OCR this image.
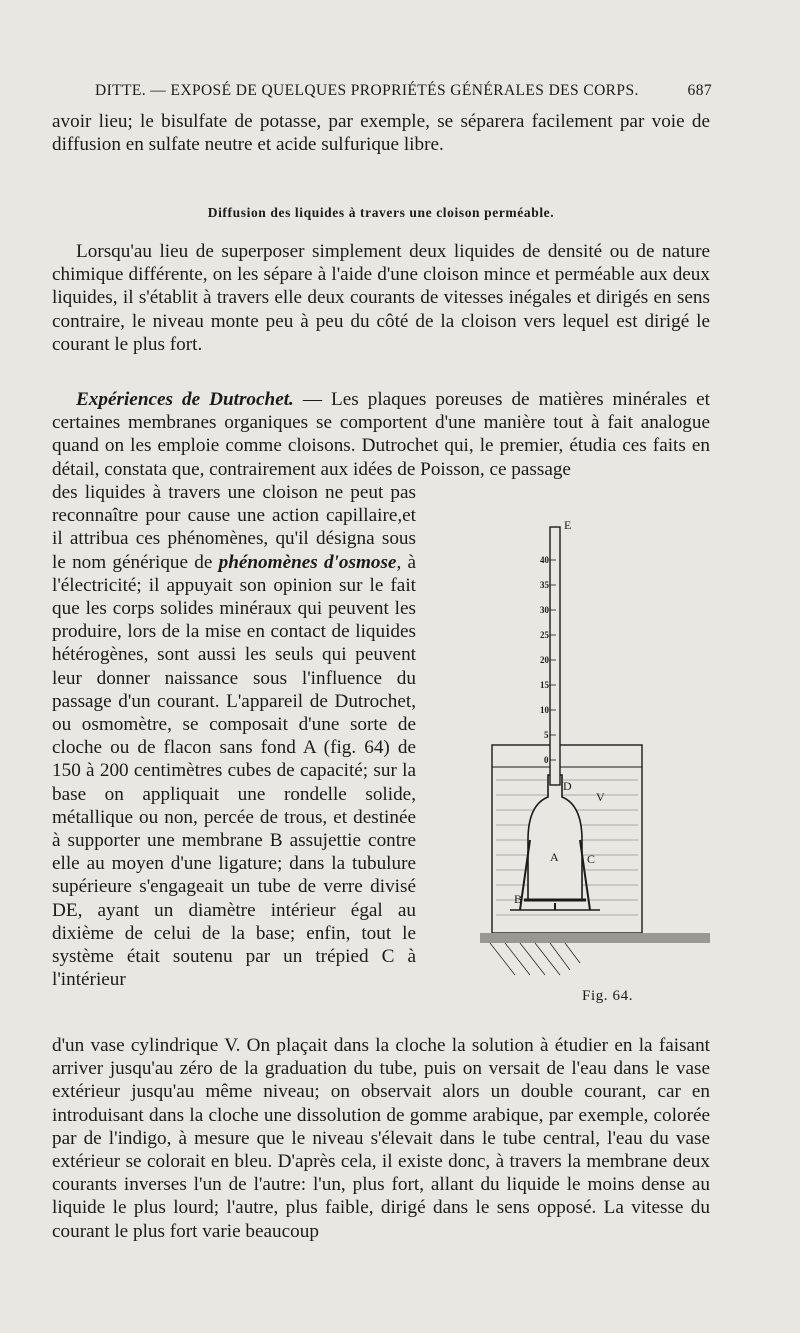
DITTE. — EXPOSÉ DE QUELQUES PROPRIÉTÉS GÉNÉRALES DES CORPS.	687

avoir lieu; le bisulfate de potasse, par exemple, se séparera facilement par voie de diffusion en sulfate neutre et acide sulfurique libre.

Diffusion des liquides à travers une cloison perméable.

Lorsqu'au lieu de superposer simplement deux liquides de densité ou de nature chimique différente, on les sépare à l'aide d'une cloison mince et perméable aux deux liquides, il s'établit à travers elle deux courants de vitesses inégales et dirigés en sens contraire, le niveau monte peu à peu du côté de la cloison vers lequel est dirigé le courant le plus fort.

Expériences de Dutrochet. — Les plaques poreuses de matières minérales et certaines membranes organiques se comportent d'une manière tout à fait analogue quand on les emploie comme cloisons. Dutrochet qui, le premier, étudia ces faits en détail, constata que, contrairement aux idées de Poisson, ce passage

des liquides à travers une cloison ne peut pas reconnaître pour cause une action capillaire,et il attribua ces phénomènes, qu'il désigna sous le nom générique de phénomènes d'osmose, à l'électricité; il appuyait son opinion sur le fait que les corps solides minéraux qui peuvent les produire, lors de la mise en contact de liquides hétérogènes, sont aussi les seuls qui peuvent leur donner naissance sous l'influence du passage d'un courant. L'appareil de Dutrochet, ou osmomètre, se composait d'une sorte de cloche ou de flacon sans fond A (fig. 64) de 150 à 200 centimètres cubes de capacité; sur la base on appliquait une rondelle solide, métallique ou non, percée de trous, et destinée à supporter une membrane B assujettie contre elle au moyen d'une ligature; dans la tubulure supérieure s'engageait un tube de verre divisé DE, ayant un diamètre intérieur égal au dixième de celui de la base; enfin, tout le système était soutenu par un trépied C à l'intérieur

d'un vase cylindrique V. On plaçait dans la cloche la solution à étudier en la faisant arriver jusqu'au zéro de la graduation du tube, puis on versait de l'eau dans le vase extérieur jusqu'au même niveau; on observait alors un double courant, car en introduisant dans la cloche une dissolution de gomme arabique, par exemple, colorée par de l'indigo, à mesure que le niveau s'élevait dans le tube central, l'eau du vase extérieur se colorait en bleu. D'après cela, il existe donc, à travers la membrane deux courants inverses l'un de l'autre: l'un, plus fort, allant du liquide le moins dense au liquide le plus lourd; l'autre, plus faible, dirigé dans le sens opposé. La vitesse du courant le plus fort varie beaucoup

40
35
30
25
20
15
10
5
0
E
D
V
A C
B
Fig. 64.
